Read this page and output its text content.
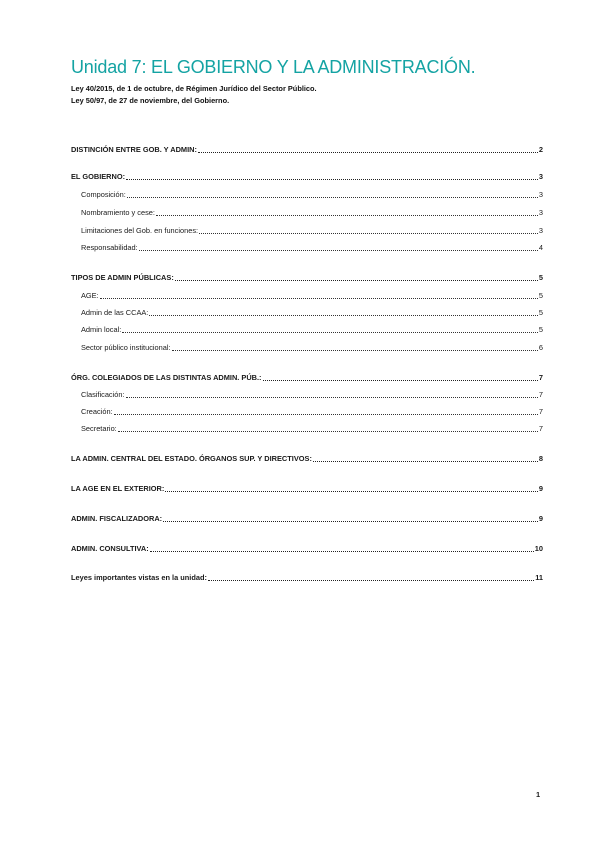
Unidad 7: EL GOBIERNO Y LA ADMINISTRACIÓN.
Ley 40/2015, de 1 de octubre, de Régimen Jurídico del Sector Público.
Ley 50/97, de 27 de noviembre, del Gobierno.
DISTINCIÓN ENTRE GOB. Y ADMIN:	2
EL GOBIERNO:	3
Composición:	3
Nombramiento y cese:	3
Limitaciones del Gob. en funciones:	3
Responsabilidad:	4
TIPOS DE ADMIN PÚBLICAS:	5
AGE:	5
Admin de las CCAA:	5
Admin local:	5
Sector público institucional:	6
ÓRG. COLEGIADOS DE LAS DISTINTAS ADMIN. PÚB.:	7
Clasificación:	7
Creación:	7
Secretario:	7
LA ADMIN. CENTRAL DEL ESTADO. ÓRGANOS SUP. Y DIRECTIVOS:	8
LA AGE EN EL EXTERIOR:	9
ADMIN. FISCALIZADORA:	9
ADMIN. CONSULTIVA:	10
Leyes importantes vistas en la unidad:	11
1
